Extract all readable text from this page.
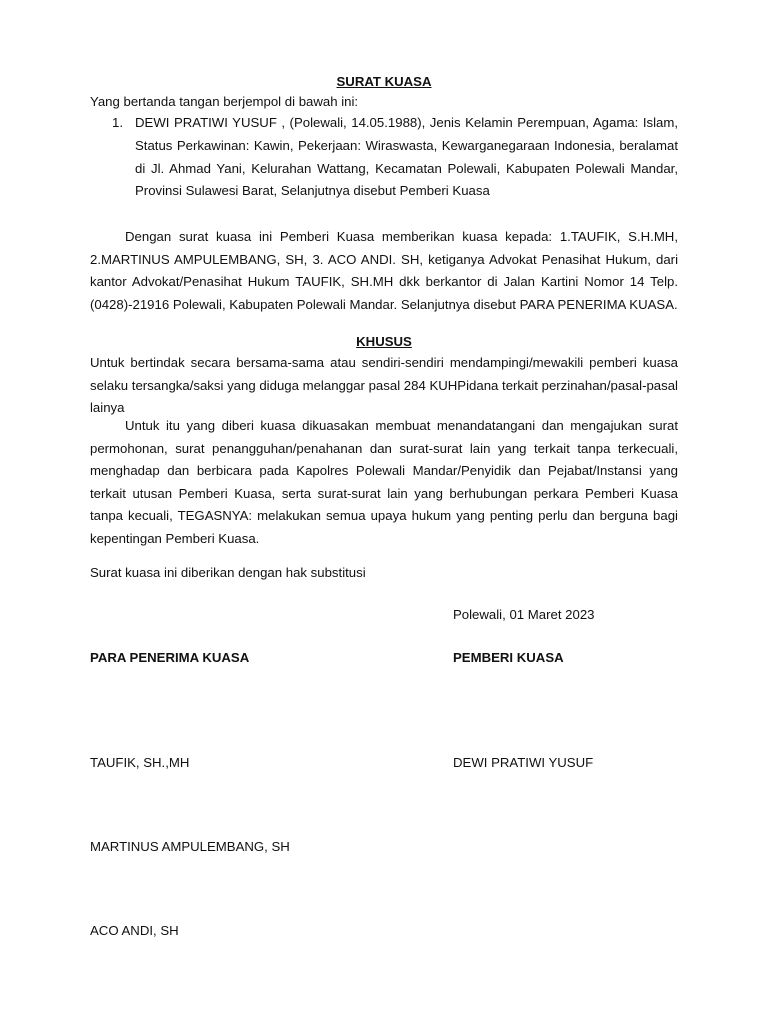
SURAT KUASA

Yang bertanda tangan berjempol di bawah ini:

1. DEWI PRATIWI YUSUF , (Polewali, 14.05.1988), Jenis Kelamin Perempuan, Agama: Islam, Status Perkawinan: Kawin, Pekerjaan: Wiraswasta, Kewarganegaraan Indonesia, beralamat di Jl. Ahmad Yani, Kelurahan Wattang, Kecamatan Polewali, Kabupaten Polewali Mandar, Provinsi Sulawesi Barat, Selanjutnya disebut Pemberi Kuasa

Dengan surat kuasa ini Pemberi Kuasa memberikan kuasa kepada: 1.TAUFIK, S.H.MH, 2.MARTINUS AMPULEMBANG, SH, 3. ACO ANDI. SH, ketiganya Advokat Penasihat Hukum, dari kantor Advokat/Penasihat Hukum TAUFIK, SH.MH dkk berkantor di Jalan Kartini Nomor 14 Telp. (0428)-21916 Polewali, Kabupaten Polewali Mandar. Selanjutnya disebut PARA PENERIMA KUASA.

KHUSUS

Untuk bertindak secara bersama-sama atau sendiri-sendiri mendampingi/mewakili pemberi kuasa selaku tersangka/saksi yang diduga melanggar pasal 284 KUHPidana terkait perzinahan/pasal-pasal lainya

Untuk itu yang diberi kuasa dikuasakan membuat menandatangani dan mengajukan surat permohonan, surat penangguhan/penahanan dan surat-surat lain yang terkait tanpa terkecuali, menghadap dan berbicara pada Kapolres Polewali Mandar/Penyidik dan Pejabat/Instansi yang terkait utusan Pemberi Kuasa, serta surat-surat lain yang berhubungan perkara Pemberi Kuasa tanpa kecuali, TEGASNYA: melakukan semua upaya hukum yang penting perlu dan berguna bagi kepentingan Pemberi Kuasa.

Surat kuasa ini diberikan dengan hak substitusi

Polewali, 01 Maret 2023

PARA PENERIMA KUASA	PEMBERI KUASA

TAUFIK, SH.,MH	DEWI PRATIWI YUSUF

MARTINUS AMPULEMBANG, SH

ACO ANDI, SH
